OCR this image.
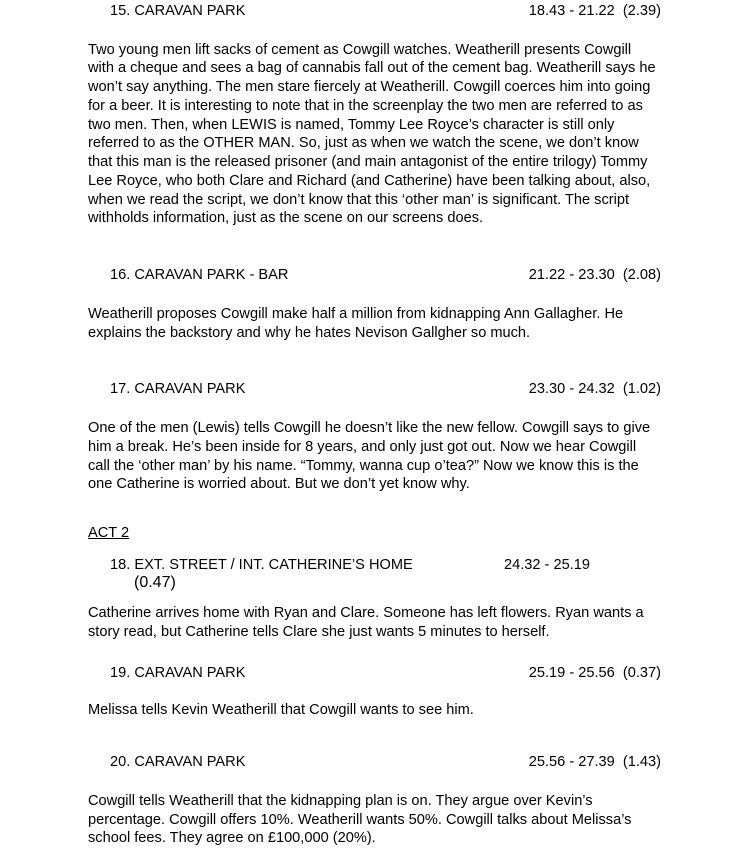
15. CARAVAN PARK	18.43 - 21.22  (2.39)

Two young men lift sacks of cement as Cowgill watches. Weatherill presents Cowgill with a cheque and sees a bag of cannabis fall out of the cement bag. Weatherill says he won’t say anything. The men stare fiercely at Weatherill. Cowgill coerces him into going for a beer. It is interesting to note that in the screenplay the two men are referred to as two men. Then, when LEWIS is named, Tommy Lee Royce’s character is still only referred to as the OTHER MAN. So, just as when we watch the scene, we don’t know that this man is the released prisoner (and main antagonist of the entire trilogy) Tommy Lee Royce, who both Clare and Richard (and Catherine) have been talking about, also, when we read the script, we don’t know that this ‘other man’ is significant. The script withholds information, just as the scene on our screens does.

16. CARAVAN PARK - BAR	21.22 - 23.30  (2.08)

Weatherill proposes Cowgill make half a million from kidnapping Ann Gallagher. He explains the backstory and why he hates Nevison Gallgher so much.

17. CARAVAN PARK	23.30 - 24.32  (1.02)

One of the men (Lewis) tells Cowgill he doesn’t like the new fellow. Cowgill says to give him a break. He’s been inside for 8 years, and only just got out. Now we hear Cowgill call the ‘other man’ by his name. “Tommy, wanna cup o’tea?” Now we know this is the one Catherine is worried about. But we don’t yet know why.

ACT 2
18. EXT. STREET / INT. CATHERINE’S HOME	24.32 - 25.19
(0.47)

Catherine arrives home with Ryan and Clare. Someone has left flowers. Ryan wants a story read, but Catherine tells Clare she just wants 5 minutes to herself.

19. CARAVAN PARK	25.19 - 25.56  (0.37)

Melissa tells Kevin Weatherill that Cowgill wants to see him.

20. CARAVAN PARK	25.56 - 27.39  (1.43)

Cowgill tells Weatherill that the kidnapping plan is on. They argue over Kevin’s percentage. Cowgill offers 10%. Weatherill wants 50%. Cowgill talks about Melissa’s school fees. They agree on £100,000 (20%).
